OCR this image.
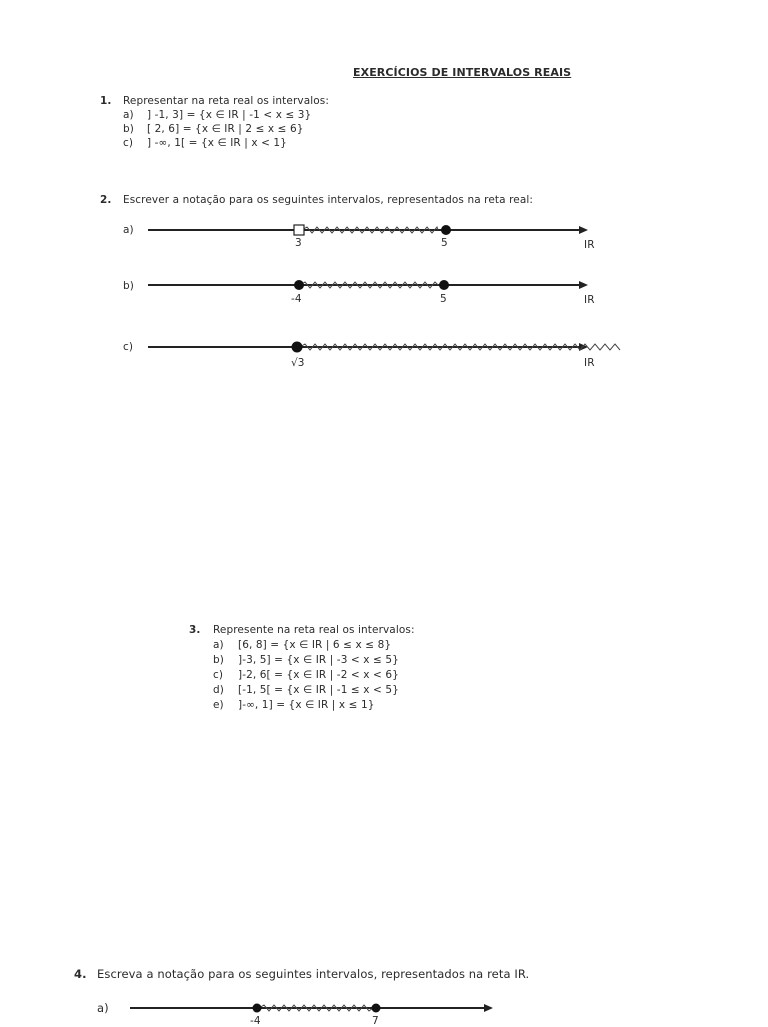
EXERCÍCIOS DE INTERVALOS REAIS
1. Representar na reta real os intervalos:
a) ] -1, 3] = {x ∈ IR | -1 < x ≤ 3}
b) [ 2, 6] = {x ∈ IR | 2 ≤ x ≤ 6}
c) ] -∞, 1[ = {x ∈ IR | x < 1}
2. Escrever a notação para os seguintes intervalos, representados na reta real:
a)
3	5	IR
b)
-4	5	IR
c)
√3	IR
3. Represente na reta real os intervalos:
a) [6, 8] = {x ∈ IR | 6 ≤ x ≤ 8}
b) ]-3, 5] = {x ∈ IR | -3 < x ≤ 5}
c) ]-2, 6[ = {x ∈ IR | -2 < x < 6}
d) [-1, 5[ = {x ∈ IR | -1 ≤ x < 5}
e) ]-∞, 1] = {x ∈ IR | x ≤ 1}
4. Escreva a notação para os seguintes intervalos, representados na reta IR.
a)
-4	7
